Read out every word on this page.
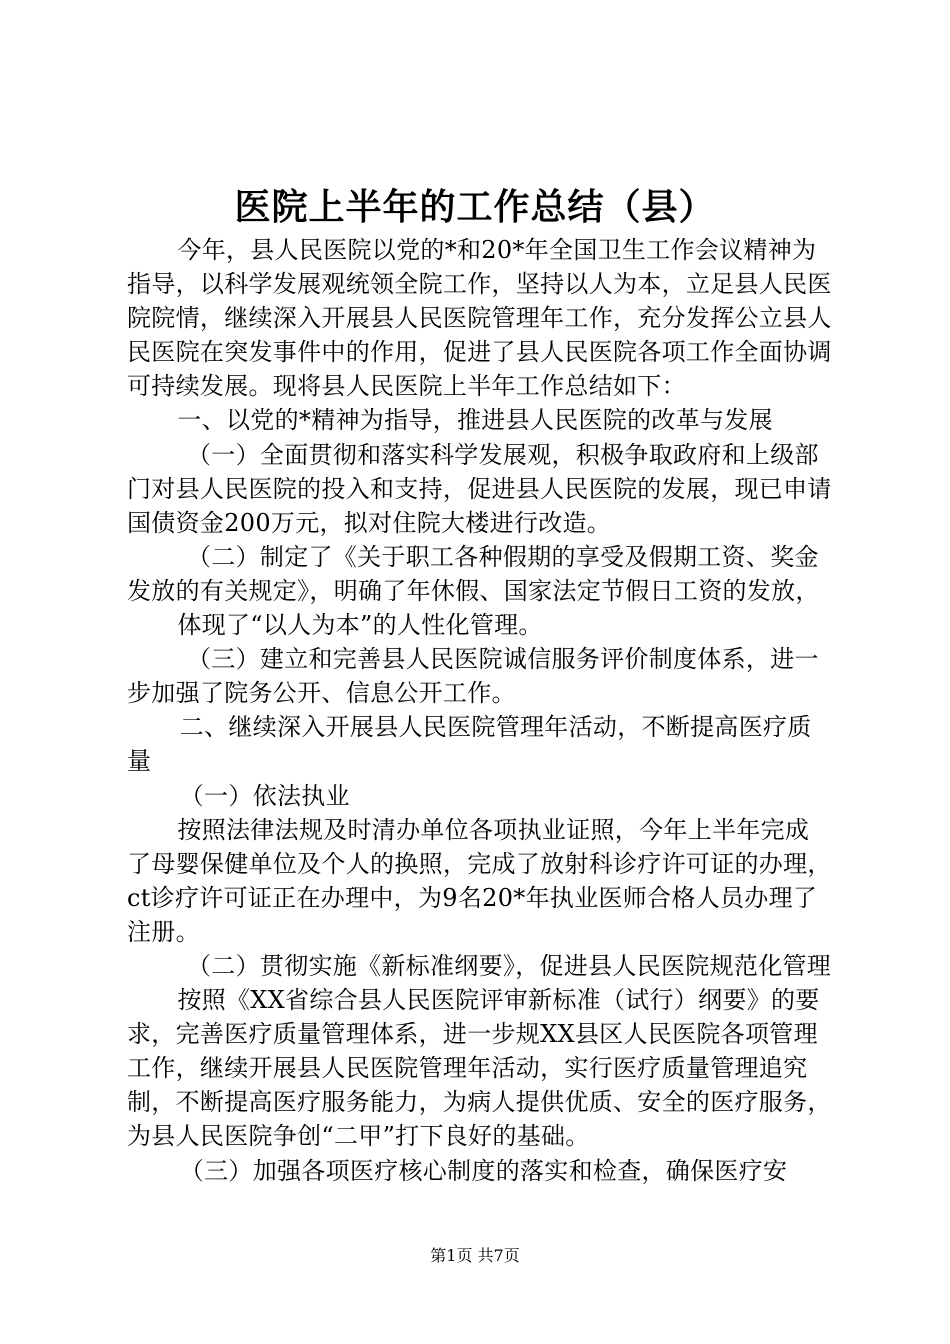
医院上半年的工作总结（县）

今年，县人民医院以党的*和20*年全国卫生工作会议精神为指导，以科学发展观统领全院工作，坚持以人为本，立足县人民医院院情，继续深入开展县人民医院管理年工作，充分发挥公立县人民医院在突发事件中的作用，促进了县人民医院各项工作全面协调可持续发展。现将县人民医院上半年工作总结如下：

一、以党的*精神为指导，推进县人民医院的改革与发展

（一）全面贯彻和落实科学发展观，积极争取政府和上级部门对县人民医院的投入和支持，促进县人民医院的发展，现已申请国债资金200万元，拟对住院大楼进行改造。

（二）制定了《关于职工各种假期的享受及假期工资、奖金发放的有关规定》，明确了年休假、国家法定节假日工资的发放，

体现了“以人为本”的人性化管理。

（三）建立和完善县人民医院诚信服务评价制度体系，进一步加强了院务公开、信息公开工作。

二、继续深入开展县人民医院管理年活动，不断提高医疗质量

（一）依法执业

按照法律法规及时清办单位各项执业证照，今年上半年完成了母婴保健单位及个人的换照，完成了放射科诊疗许可证的办理，ct诊疗许可证正在办理中，为9名20*年执业医师合格人员办理了注册。

（二）贯彻实施《新标准纲要》，促进县人民医院规范化管理

按照《XX省综合县人民医院评审新标准（试行）纲要》的要求，完善医疗质量管理体系，进一步规XX县区人民医院各项管理工作，继续开展县人民医院管理年活动，实行医疗质量管理追究制，不断提高医疗服务能力，为病人提供优质、安全的医疗服务，为县人民医院争创“二甲”打下良好的基础。

（三）加强各项医疗核心制度的落实和检查，确保医疗安

第1页 共7页
